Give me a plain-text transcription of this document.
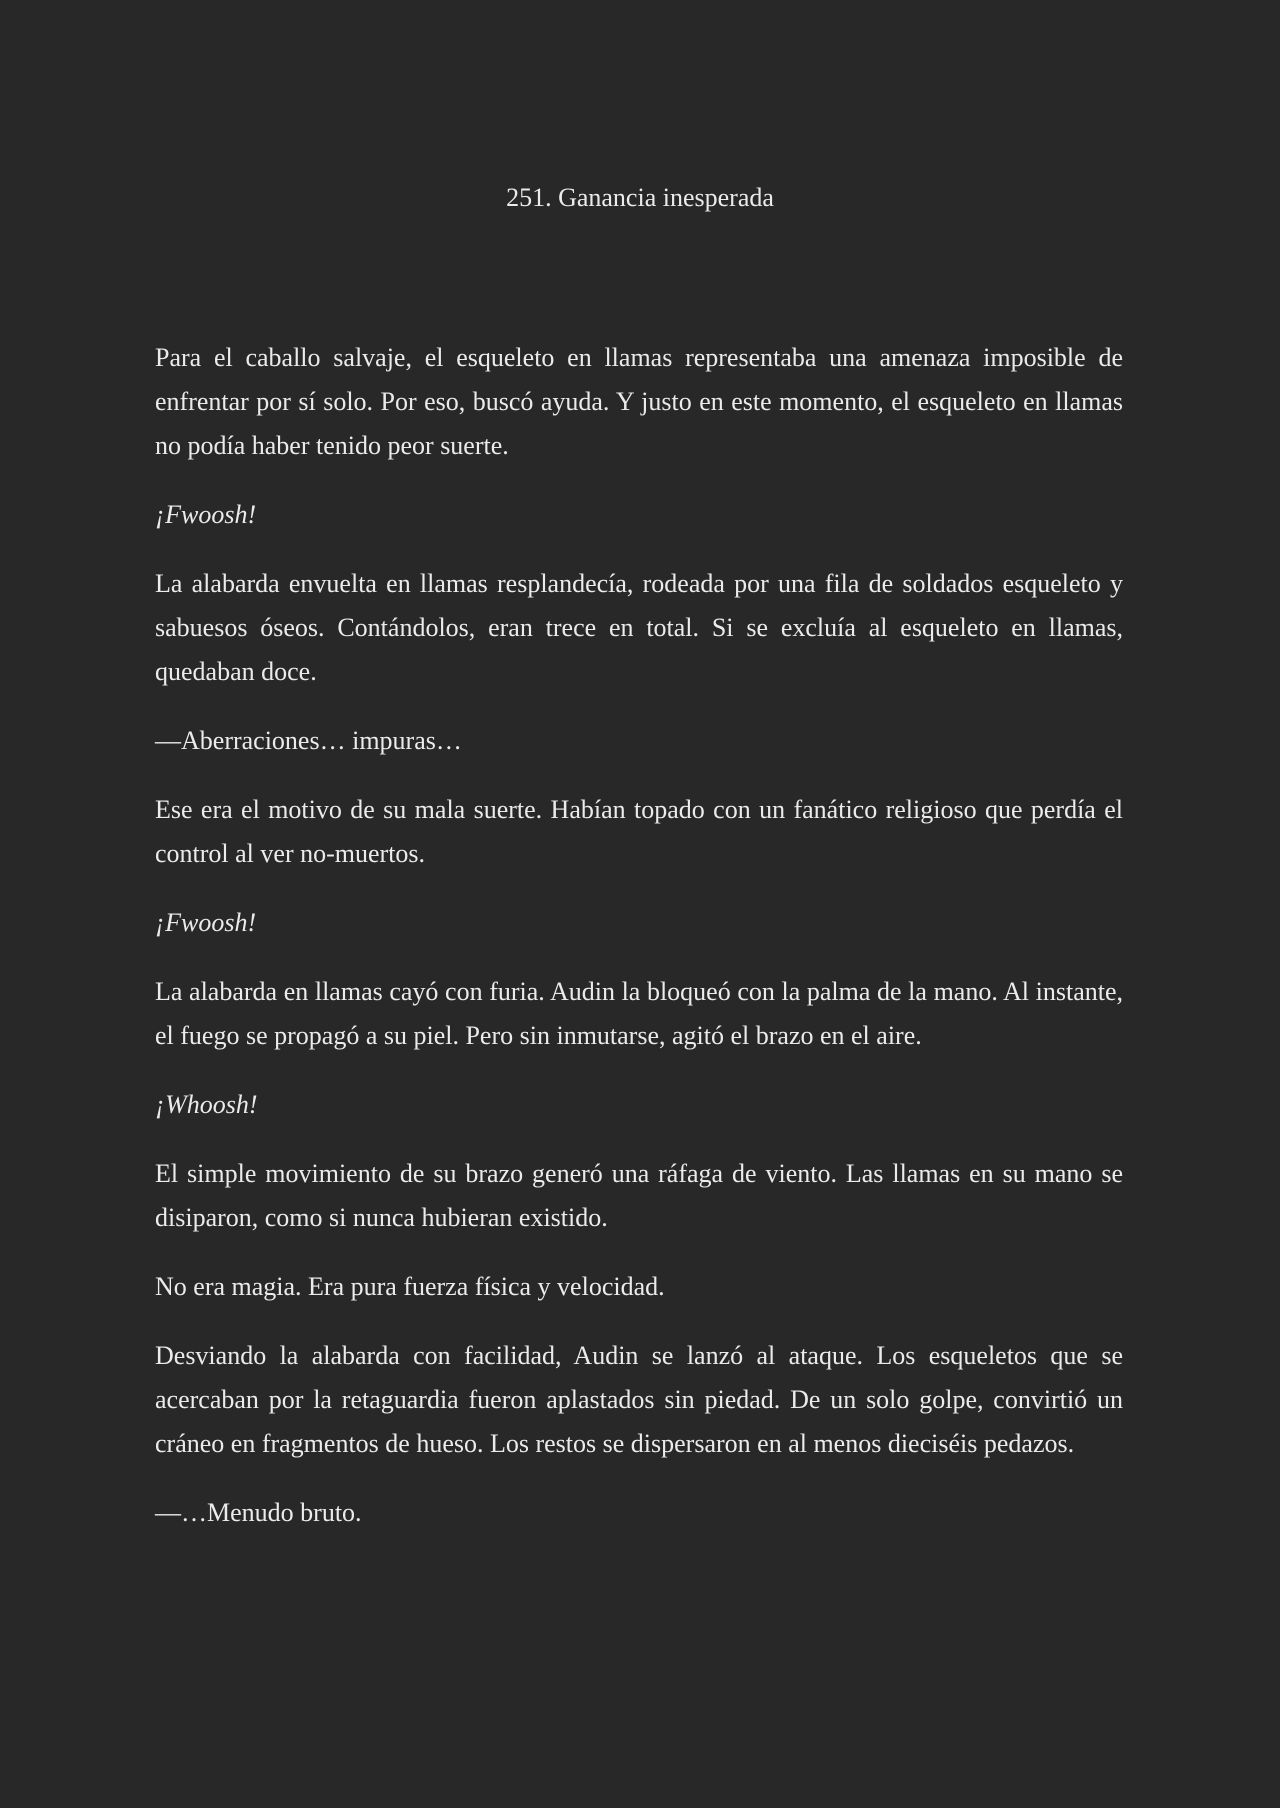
251. Ganancia inesperada

Para el caballo salvaje, el esqueleto en llamas representaba una amenaza imposible de enfrentar por sí solo. Por eso, buscó ayuda. Y justo en este momento, el esqueleto en llamas no podía haber tenido peor suerte.

¡Fwoosh!

La alabarda envuelta en llamas resplandecía, rodeada por una fila de soldados esqueleto y sabuesos óseos. Contándolos, eran trece en total. Si se excluía al esqueleto en llamas, quedaban doce.

—Aberraciones… impuras…

Ese era el motivo de su mala suerte. Habían topado con un fanático religioso que perdía el control al ver no-muertos.

¡Fwoosh!

La alabarda en llamas cayó con furia. Audin la bloqueó con la palma de la mano. Al instante, el fuego se propagó a su piel. Pero sin inmutarse, agitó el brazo en el aire.

¡Whoosh!

El simple movimiento de su brazo generó una ráfaga de viento. Las llamas en su mano se disiparon, como si nunca hubieran existido.

No era magia. Era pura fuerza física y velocidad.

Desviando la alabarda con facilidad, Audin se lanzó al ataque. Los esqueletos que se acercaban por la retaguardia fueron aplastados sin piedad. De un solo golpe, convirtió un cráneo en fragmentos de hueso. Los restos se dispersaron en al menos dieciséis pedazos.

—…Menudo bruto.
